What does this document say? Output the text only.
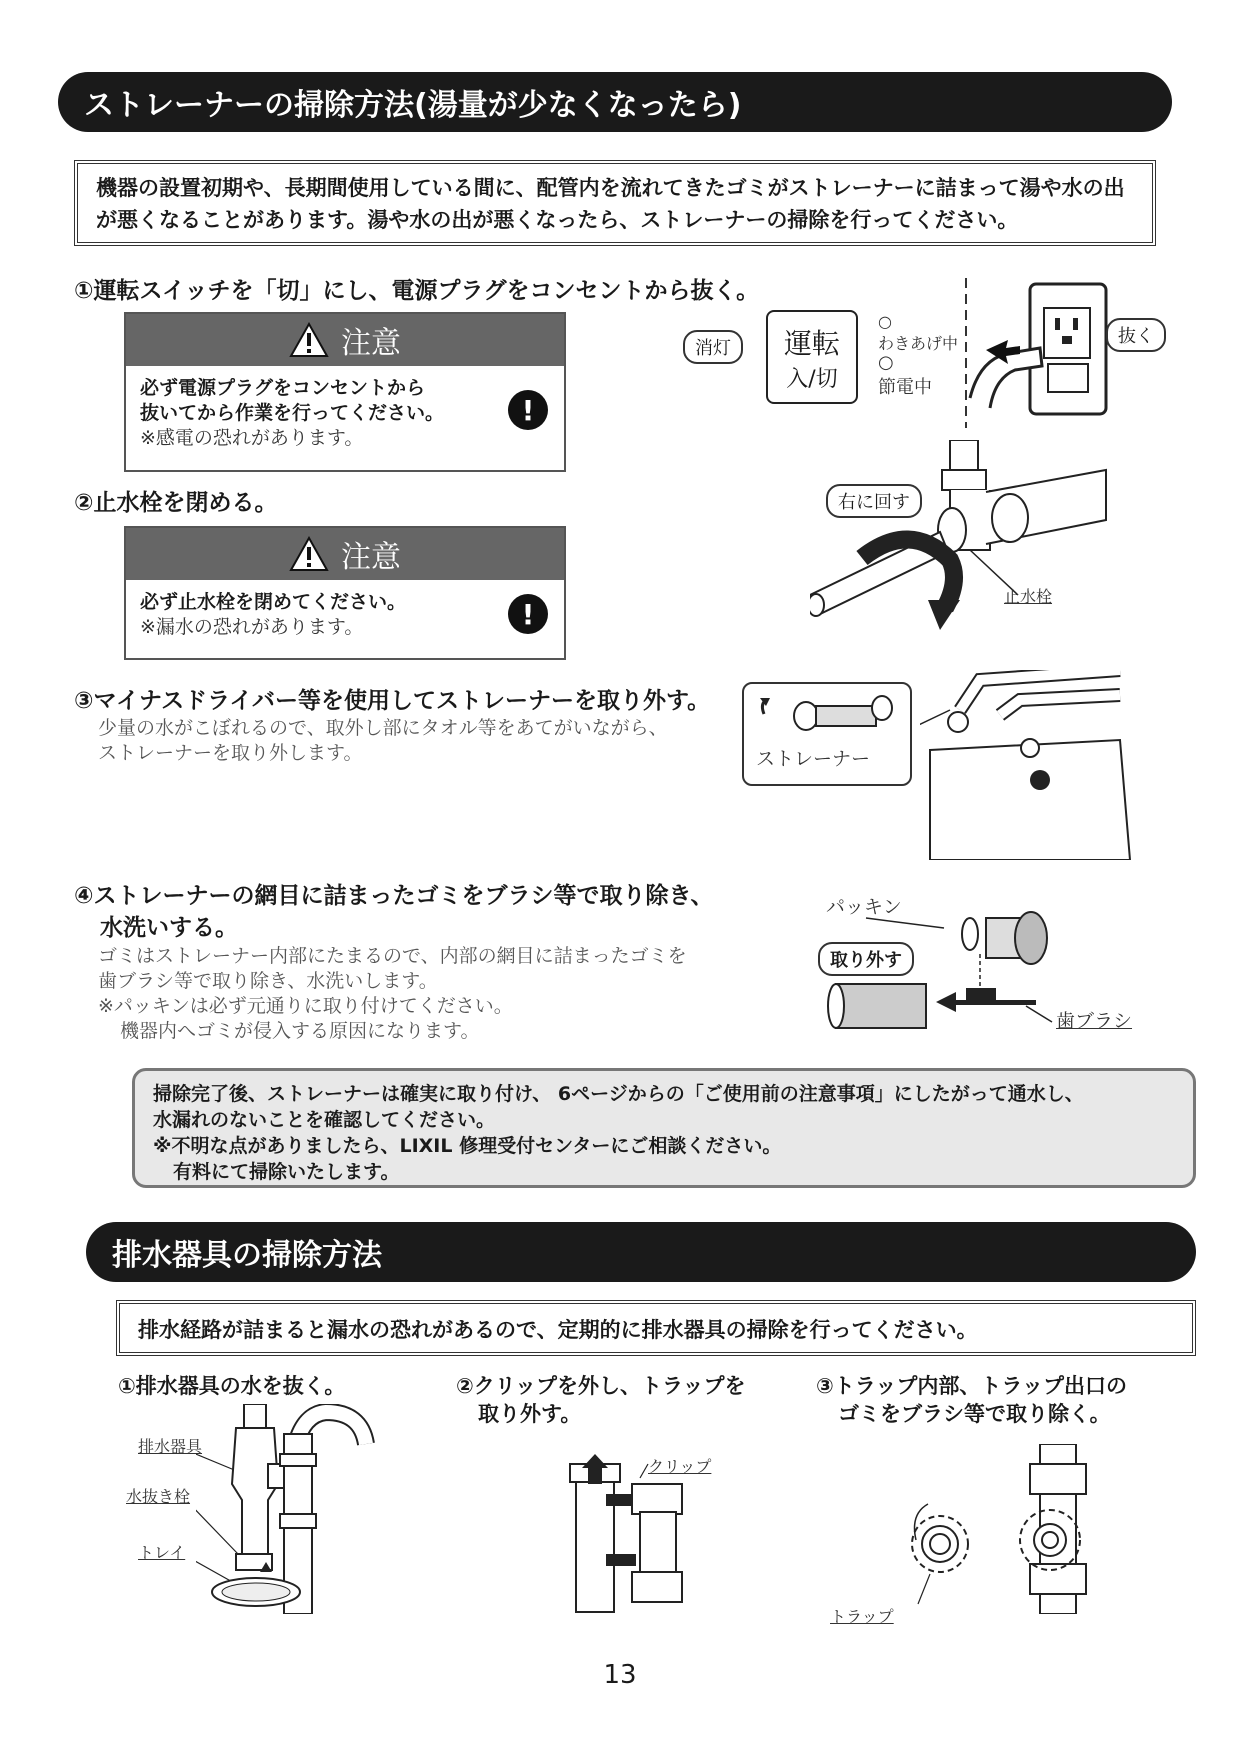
ストレーナーの掃除方法(湯量が少なくなったら)
機器の設置初期や、長期間使用している間に、配管内を流れてきたゴミがストレーナーに詰まって湯や水の出が悪くなることがあります。湯や水の出が悪くなったら、ストレーナーの掃除を行ってください。
①運転スイッチを「切」にし、電源プラグをコンセントから抜く。
注意
必ず電源プラグをコンセントから
抜いてから作業を行ってください。
※感電の恐れがあります。
!
消灯	運転
入/切
○
わきあげ中
○
節電中
抜く
②止水栓を閉める。
注意
必ず止水栓を閉めてください。
※漏水の恐れがあります。	!
右に回す
止水栓
③マイナスドライバー等を使用してストレーナーを取り外す。
少量の水がこぼれるので、取外し部にタオル等をあてがいながら、
ストレーナーを取り外します。	ストレーナー
④ストレーナーの網目に詰まったゴミをブラシ等で取り除き、
水洗いする。
ゴミはストレーナー内部にたまるので、内部の網目に詰まったゴミを
歯ブラシ等で取り除き、水洗いします。
※パッキンは必ず元通りに取り付けてください。
機器内へゴミが侵入する原因になります。
パッキン
取り外す
歯ブラシ
掃除完了後、ストレーナーは確実に取り付け、 6ページからの「ご使用前の注意事項」にしたがって通水し、
水漏れのないことを確認してください。
※不明な点がありましたら、LIXIL 修理受付センターにご相談ください。
有料にて掃除いたします。
排水器具の掃除方法
排水経路が詰まると漏水の恐れがあるので、定期的に排水器具の掃除を行ってください。
①排水器具の水を抜く。	②クリップを外し、トラップを
取り外す。
③トラップ内部、トラップ出口の
ゴミをブラシ等で取り除く。
排水器具
水抜き栓
トレイ
クリップ
トラップ
13
